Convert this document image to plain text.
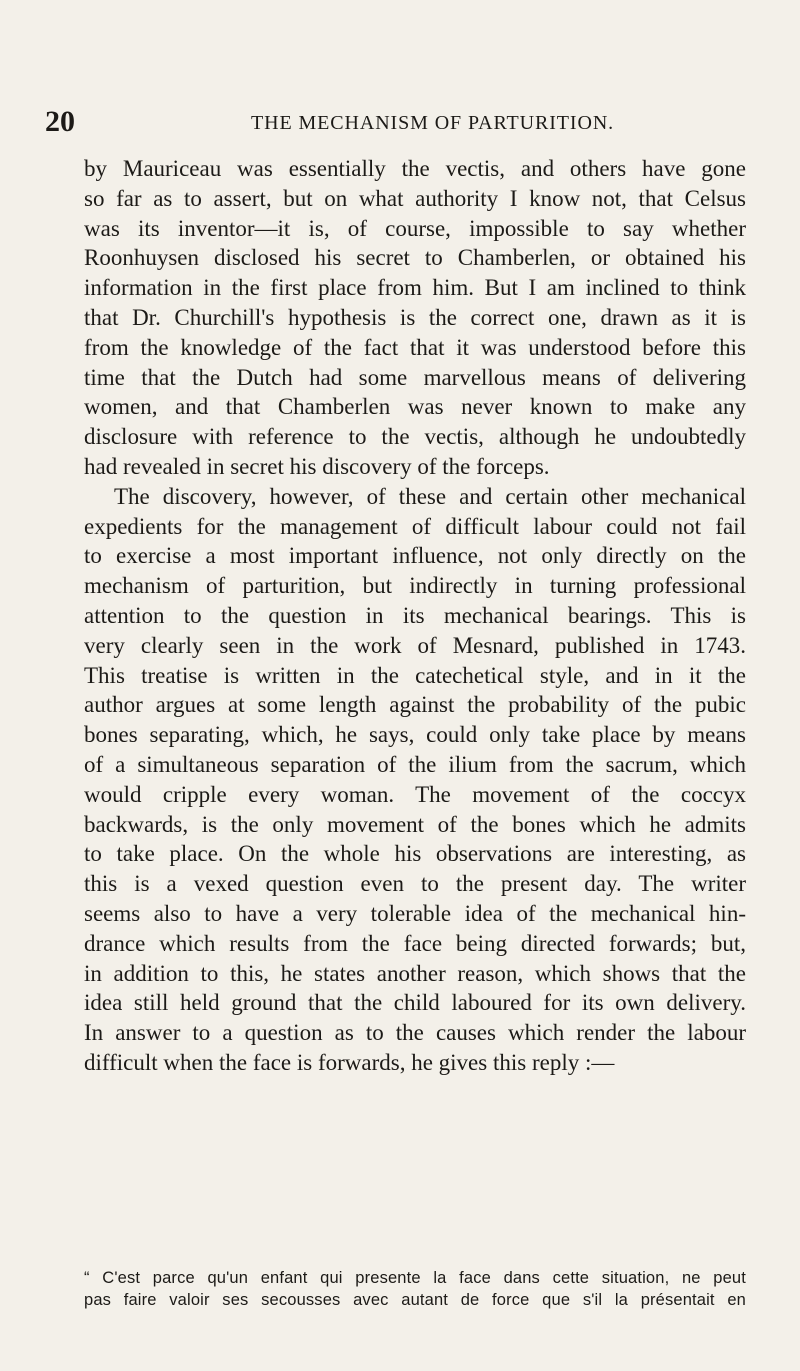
20	THE MECHANISM OF PARTURITION.
by Mauriceau was essentially the vectis, and others have gone
so far as to assert, but on what authority I know not, that Celsus
was its inventor—it is, of course, impossible to say whether
Roonhuysen disclosed his secret to Chamberlen, or obtained his
information in the first place from him. But I am inclined to think
that Dr. Churchill's hypothesis is the correct one, drawn as it is
from the knowledge of the fact that it was understood before this
time that the Dutch had some marvellous means of delivering
women, and that Chamberlen was never known to make any
disclosure with reference to the vectis, although he undoubtedly
had revealed in secret his discovery of the forceps.
The discovery, however, of these and certain other mechanical
expedients for the management of difficult labour could not fail
to exercise a most important influence, not only directly on the
mechanism of parturition, but indirectly in turning professional
attention to the question in its mechanical bearings. This is
very clearly seen in the work of Mesnard, published in 1743.
This treatise is written in the catechetical style, and in it the
author argues at some length against the probability of the pubic
bones separating, which, he says, could only take place by means
of a simultaneous separation of the ilium from the sacrum, which
would cripple every woman. The movement of the coccyx
backwards, is the only movement of the bones which he admits
to take place. On the whole his observations are interesting, as
this is a vexed question even to the present day. The writer
seems also to have a very tolerable idea of the mechanical hin-
drance which results from the face being directed forwards; but,
in addition to this, he states another reason, which shows that the
idea still held ground that the child laboured for its own delivery.
In answer to a question as to the causes which render the labour
difficult when the face is forwards, he gives this reply :—
“ C'est parce qu'un enfant qui presente la face dans cette situation, ne peut
pas faire valoir ses secousses avec autant de force que s'il la présentait en
